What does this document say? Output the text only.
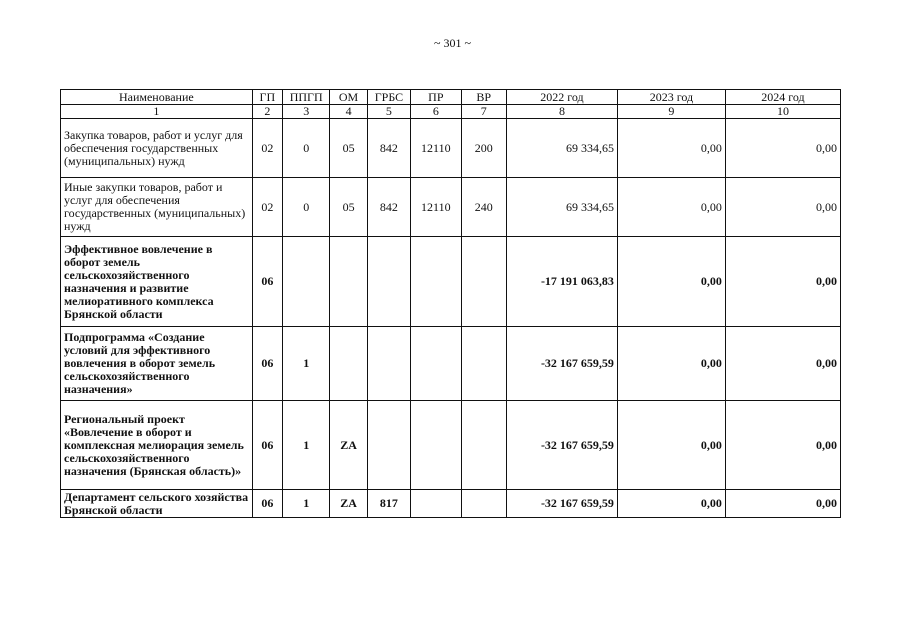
~ 301 ~
Наименование	ГП	ППГП	ОМ	ГРБС	ПР	ВР	2022 год	2023 год	2024 год
1	2	3	4	5	6	7	8	9	10
Закупка товаров, работ и услуг для обеспечения государственных (муниципальных) нужд	02	0	05	842	12110	200	69 334,65	0,00	0,00
Иные закупки товаров, работ и услуг для обеспечения государственных (муниципальных) нужд	02	0	05	842	12110	240	69 334,65	0,00	0,00
Эффективное вовлечение в оборот земель сельскохозяйственного назначения и развитие мелиоративного комплекса Брянской области	06						-17 191 063,83	0,00	0,00
Подпрограмма «Создание условий для эффективного вовлечения в оборот земель сельскохозяйственного назначения»	06	1					-32 167 659,59	0,00	0,00
Региональный проект «Вовлечение в оборот и комплексная мелиорация земель сельскохозяйственного назначения (Брянская область)»	06	1	ZA				-32 167 659,59	0,00	0,00
Департамент сельского хозяйства Брянской области	06	1	ZA	817			-32 167 659,59	0,00	0,00
